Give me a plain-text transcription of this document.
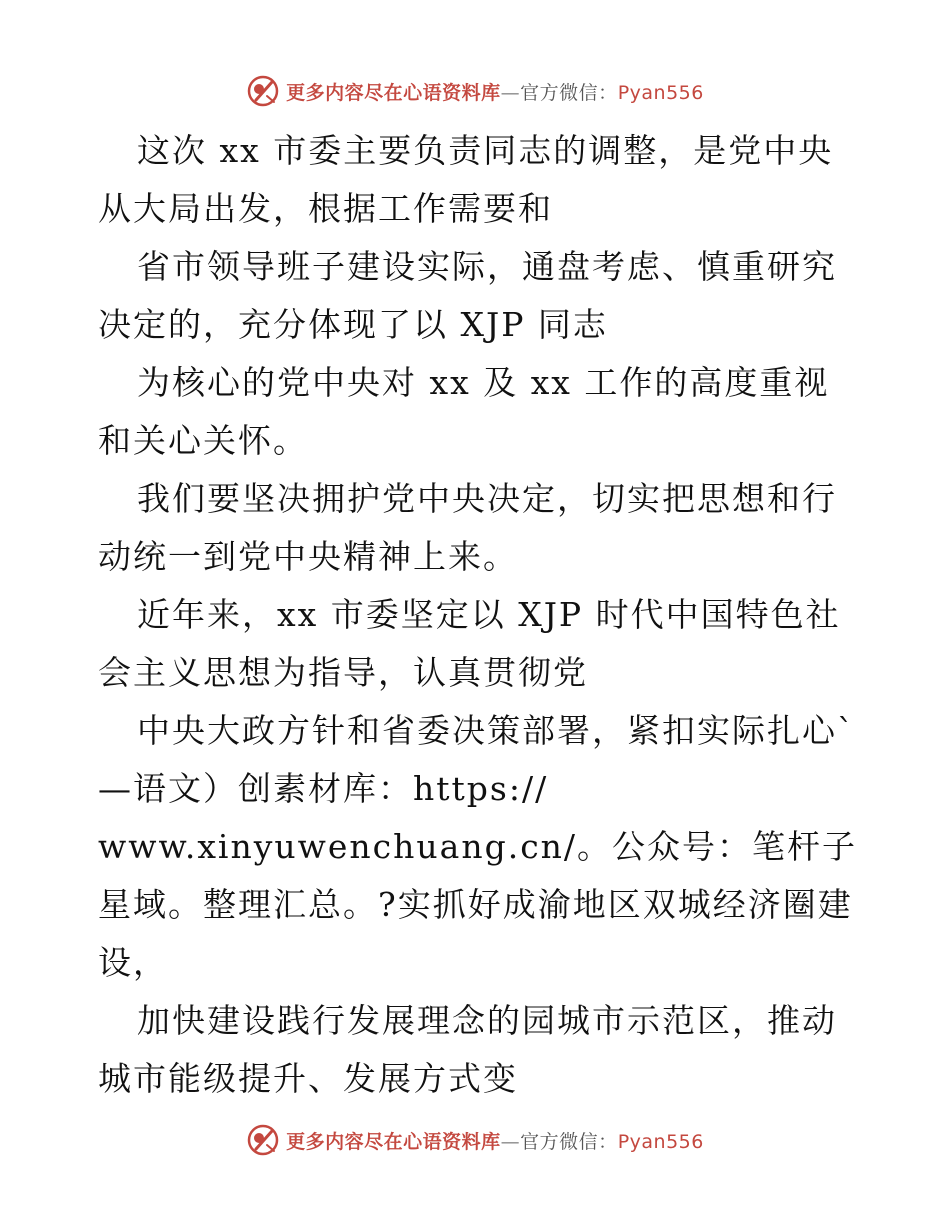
更多内容尽在心语资料库—官方微信：Pyan556

这次 xx 市委主要负责同志的调整，是党中央从大局出发，根据工作需要和

省市领导班子建设实际，通盘考虑、慎重研究决定的，充分体现了以 XJP 同志

为核心的党中央对 xx 及 xx 工作的高度重视和关心关怀。

我们要坚决拥护党中央决定，切实把思想和行动统一到党中央精神上来。

近年来，xx 市委坚定以 XJP 时代中国特色社会主义思想为指导，认真贯彻党

中央大政方针和省委决策部署，紧扣实际扎心`—语文）创素材库：https://

www.xinyuwenchuang.cn/。公众号：笔杆子星域。整理汇总。?实抓好成渝地区双城经济圈建设，

加快建设践行发展理念的园城市示范区，推动城市能级提升、发展方式变

更多内容尽在心语资料库—官方微信：Pyan556
